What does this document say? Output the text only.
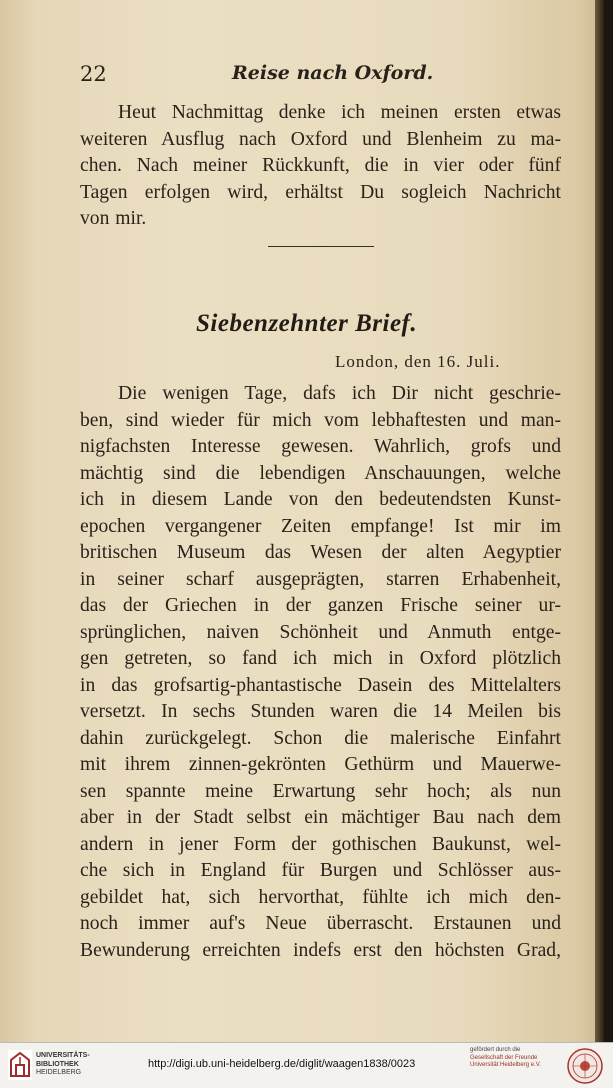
22	Reise nach Oxford.
Heut Nachmittag denke ich meinen ersten etwas
weiteren Ausflug nach Oxford und Blenheim zu ma-
chen. Nach meiner Rückkunft, die in vier oder fünf
Tagen erfolgen wird, erhältst Du sogleich Nachricht
von mir.
Siebenzehnter Brief.
London, den 16. Juli.
Die wenigen Tage, dafs ich Dir nicht geschrie-
ben, sind wieder für mich vom lebhaftesten und man-
nigfachsten Interesse gewesen. Wahrlich, grofs und
mächtig sind die lebendigen Anschauungen, welche
ich in diesem Lande von den bedeutendsten Kunst-
epochen vergangener Zeiten empfange! Ist mir im
britischen Museum das Wesen der alten Aegyptier
in seiner scharf ausgeprägten, starren Erhabenheit,
das der Griechen in der ganzen Frische seiner ur-
sprünglichen, naiven Schönheit und Anmuth entge-
gen getreten, so fand ich mich in Oxford plötzlich
in das grofsartig-phantastische Dasein des Mittelalters
versetzt. In sechs Stunden waren die 14 Meilen bis
dahin zurückgelegt. Schon die malerische Einfahrt
mit ihrem zinnen-gekrönten Gethürm und Mauerwe-
sen spannte meine Erwartung sehr hoch; als nun
aber in der Stadt selbst ein mächtiger Bau nach dem
andern in jener Form der gothischen Baukunst, wel-
che sich in England für Burgen und Schlösser aus-
gebildet hat, sich hervorthat, fühlte ich mich den-
noch immer auf's Neue überrascht. Erstaunen und
Bewunderung erreichten indefs erst den höchsten Grad,
UNIVERSITÄTS-
BIBLIOTHEK
HEIDELBERG
http://digi.ub.uni-heidelberg.de/diglit/waagen1838/0023
gefördert durch die
Gesellschaft der Freunde
Universität Heidelberg e.V.
